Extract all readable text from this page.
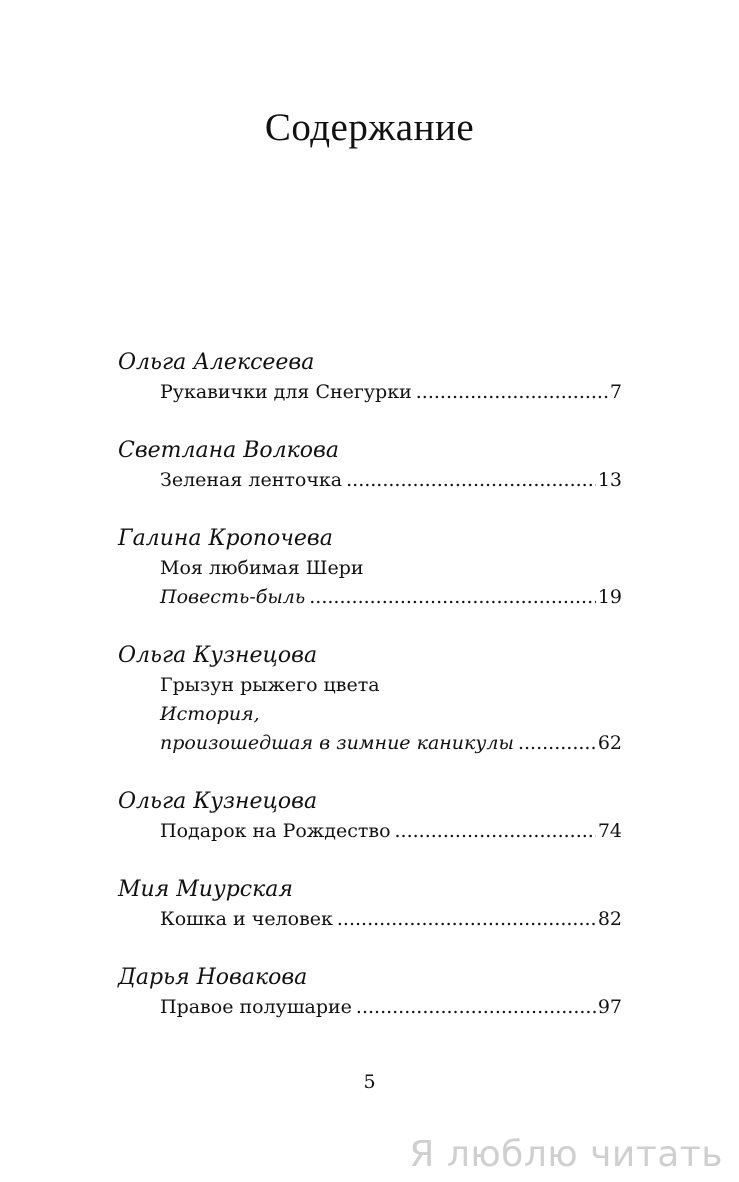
Содержание
Ольга Алексеева
Рукавички для Снегурки .....	7
Светлана Волкова
Зеленая ленточка .....	13
Галина Кропочева
Моя любимая Шери
Повесть-быль .....	19
Ольга Кузнецова
Грызун рыжего цвета
История,
произошедшая в зимние каникулы .....	62
Ольга Кузнецова
Подарок на Рождество .....	74
Мия Миурская
Кошка и человек .....	82
Дарья Новакова
Правое полушарие .....	97
5
Я люблю читать
